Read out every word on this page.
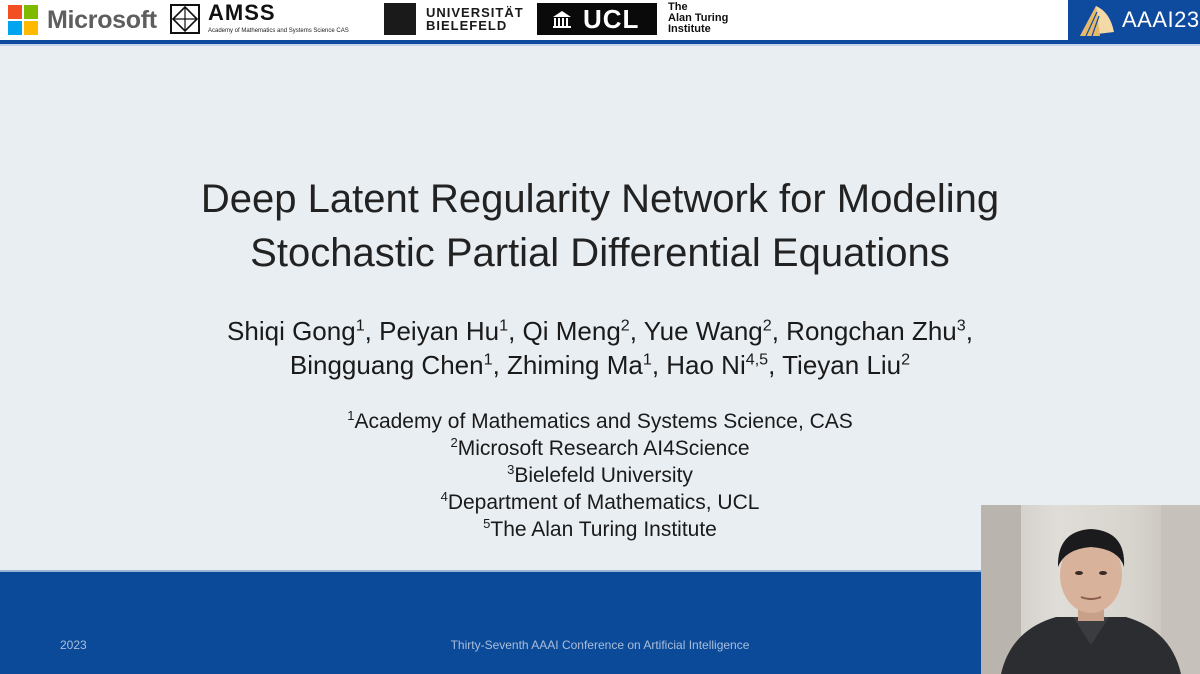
Microsoft AMSS
Academy of Mathematics and Systems Science CAS
UNIVERSITÄT
BIELEFELD	UCL	The
Alan Turing
Institute	AAAI23
Deep Latent Regularity Network for Modeling
Stochastic Partial Differential Equations
Shiqi Gong$^1$, Peiyan Hu$^1$, Qi Meng$^2$, Yue Wang$^2$, Rongchan Zhu$^3$,
Bingguang Chen$^1$, Zhiming Ma$^1$, Hao Ni$^{4,5}$, Tieyan Liu$^2$
$^1$Academy of Mathematics and Systems Science, CAS
$^2$Microsoft Research AI4Science
$^3$Bielefeld University
$^4$Department of Mathematics, UCL
$^5$The Alan Turing Institute
2023	Thirty-Seventh AAAI Conference on Artificial Intelligence
